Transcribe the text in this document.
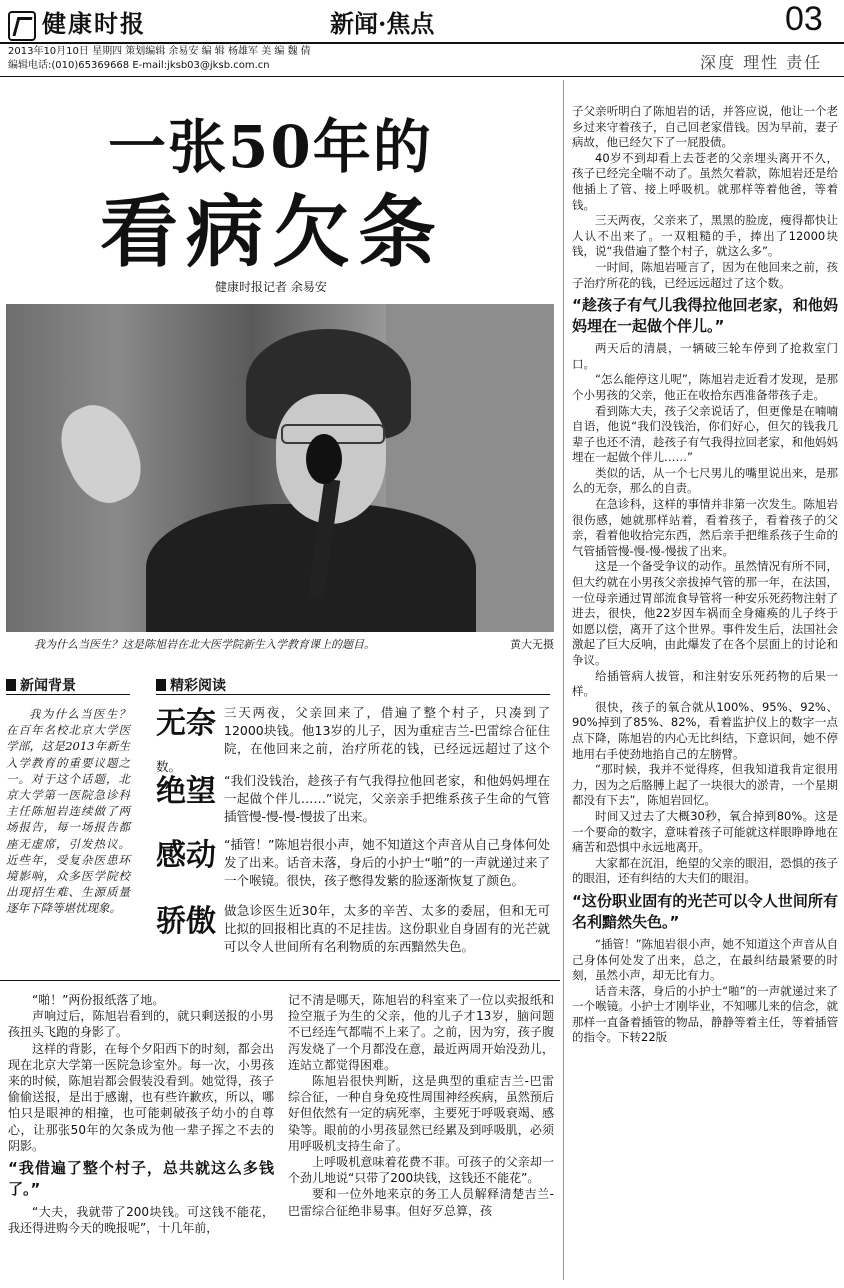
健康时报	新闻·焦点	03
2013年10月10日 星期四 策划编辑 余易安 编 辑 杨雄军 美 编 魏 倩
编辑电话:(010)65369668 E-mail:jksb03@jksb.com.cn	深度 理性 责任
一张50年的
看病欠条
健康时报记者 余易安
我为什么当医生？这是陈旭岩在北大医学院新生入学教育课上的题目。	黄大无摄
新闻背景

我为什么当医生？在百年名校北京大学医学部，这是2013年新生入学教育的重要议题之一。对于这个话题，北京大学第一医院急诊科主任陈旭岩连续做了两场报告，每一场报告都座无虚席，引发热议。近些年，受复杂医患环境影响，众多医学院校出现招生难、生源质量逐年下降等堪忧现象。

精彩阅读
无奈 三天两夜，父亲回来了，借遍了整个村子，只凑到了12000块钱。他13岁的儿子，因为重症吉兰-巴雷综合征住院，在他回来之前，治疗所花的钱，已经远远超过了这个数。

绝望 “我们没钱治，趁孩子有气我得拉他回老家，和他妈妈埋在一起做个伴儿……”说完，父亲亲手把维系孩子生命的气管插管慢-慢-慢-慢拔了出来。

感动 “插管！”陈旭岩很小声，她不知道这个声音从自己身体何处发了出来。话音未落，身后的小护士“啪”的一声就递过来了一个喉镜。很快，孩子憋得发紫的脸逐渐恢复了颜色。

骄傲 做急诊医生近30年，太多的辛苦、太多的委屈，但和无可比拟的回报相比真的不足挂齿。这份职业自身固有的光芒就可以令人世间所有名利物质的东西黯然失色。

“啪！”两份报纸落了地。

声响过后，陈旭岩看到的，就只剩送报的小男孩扭头飞跑的身影了。

这样的背影，在每个夕阳西下的时刻，都会出现在北京大学第一医院急诊室外。每一次，小男孩来的时候，陈旭岩都会假装没看到。她觉得，孩子偷偷送报，是出于感谢，也有些许歉疚，所以，哪怕只是眼神的相撞，也可能刺破孩子幼小的自尊心，让那张50年的欠条成为他一辈子挥之不去的阴影。

“我借遍了整个村子，总共就这么多钱了。”

“大夫，我就带了200块钱。可这钱不能花，我还得进购今天的晚报呢”，十几年前，

记不清是哪天，陈旭岩的科室来了一位以卖报纸和捡空瓶子为生的父亲，他的儿子才13岁，脑问题不已经连气都喘不上来了。之前，因为穷，孩子腹泻发烧了一个月都没在意，最近两周开始没劲儿，连站立都觉得困难。

陈旭岩很快判断，这是典型的重症吉兰-巴雷综合征，一种自身免疫性周围神经疾病，虽然预后好但依然有一定的病死率，主要死于呼吸衰竭、感染等。眼前的小男孩显然已经累及到呼吸肌，必须用呼吸机支持生命了。

上呼吸机意味着花费不菲。可孩子的父亲却一个劲儿地说“只带了200块钱，这钱还不能花”。

要和一位外地来京的务工人员解释清楚吉兰-巴雷综合征绝非易事。但好歹总算，孩

子父亲听明白了陈旭岩的话，并答应说，他让一个老乡过来守着孩子，自己回老家借钱。因为早前，妻子病故，他已经欠下了一屁股债。

40岁不到却看上去苍老的父亲埋头离开不久，孩子已经完全喘不动了。虽然欠着款，陈旭岩还是给他插上了管、接上呼吸机。就那样等着他爸，等着钱。

三天两夜，父亲来了，黑黑的脸庞，瘦得都快让人认不出来了。一双粗糙的手，捧出了12000块钱，说“我借遍了整个村子，就这么多”。

一时间，陈旭岩哑言了，因为在他回来之前，孩子治疗所花的钱，已经远远超过了这个数。

“趁孩子有气儿我得拉他回老家，和他妈妈埋在一起做个伴儿。”

两天后的清晨，一辆破三轮车停到了抢救室门口。

“怎么能停这儿呢”，陈旭岩走近看才发现，是那个小男孩的父亲，他正在收拾东西准备带孩子走。

看到陈大夫，孩子父亲说话了，但更像是在喃喃自语，他说“我们没钱治，你们好心，但欠的钱我几辈子也还不清，趁孩子有气我得拉回老家，和他妈妈埋在一起做个伴儿……”

类似的话，从一个七尺男儿的嘴里说出来，是那么的无奈，那么的自责。

在急诊科，这样的事情并非第一次发生。陈旭岩很伤感，她就那样站着，看着孩子，看着孩子的父亲，看着他收拾完东西，然后亲手把维系孩子生命的气管插管慢-慢-慢-慢拔了出来。

这是一个备受争议的动作。虽然情况有所不同，但大约就在小男孩父亲拔掉气管的那一年，在法国，一位母亲通过胃部流食导管将一种安乐死药物注射了进去，很快，他22岁因车祸而全身瘫痪的儿子终于如愿以偿，离开了这个世界。事件发生后，法国社会激起了巨大反响，由此爆发了在各个层面上的讨论和争议。

给插管病人拔管，和注射安乐死药物的后果一样。

很快，孩子的氧合就从100%、95%、92%、90%掉到了85%、82%，看着监护仪上的数字一点点下降，陈旭岩的内心无比纠结，下意识间，她不停地用右手使劲地掐自己的左膀臂。

“那时候，我并不觉得疼，但我知道我肯定很用力，因为之后胳膊上起了一块很大的淤青，一个星期都没有下去”，陈旭岩回忆。

时间又过去了大概30秒，氧合掉到80%。这是一个要命的数字，意味着孩子可能就这样眼睁睁地在痛苦和恐惧中永远地离开。

大家都在沉泪，绝望的父亲的眼泪，恐惧的孩子的眼泪，还有纠结的大夫们的眼泪。

“这份职业固有的光芒可以令人世间所有名利黯然失色。”

“插管！”陈旭岩很小声，她不知道这个声音从自己身体何处发了出来，总之，在最纠结最紧要的时刻，虽然小声，却无比有力。

话音未落，身后的小护士“啪”的一声就递过来了一个喉镜。小护士才刚毕业，不知哪儿来的信念，就那样一直备着插管的物品，静静等着主任，等着插管的指令。下转22版
